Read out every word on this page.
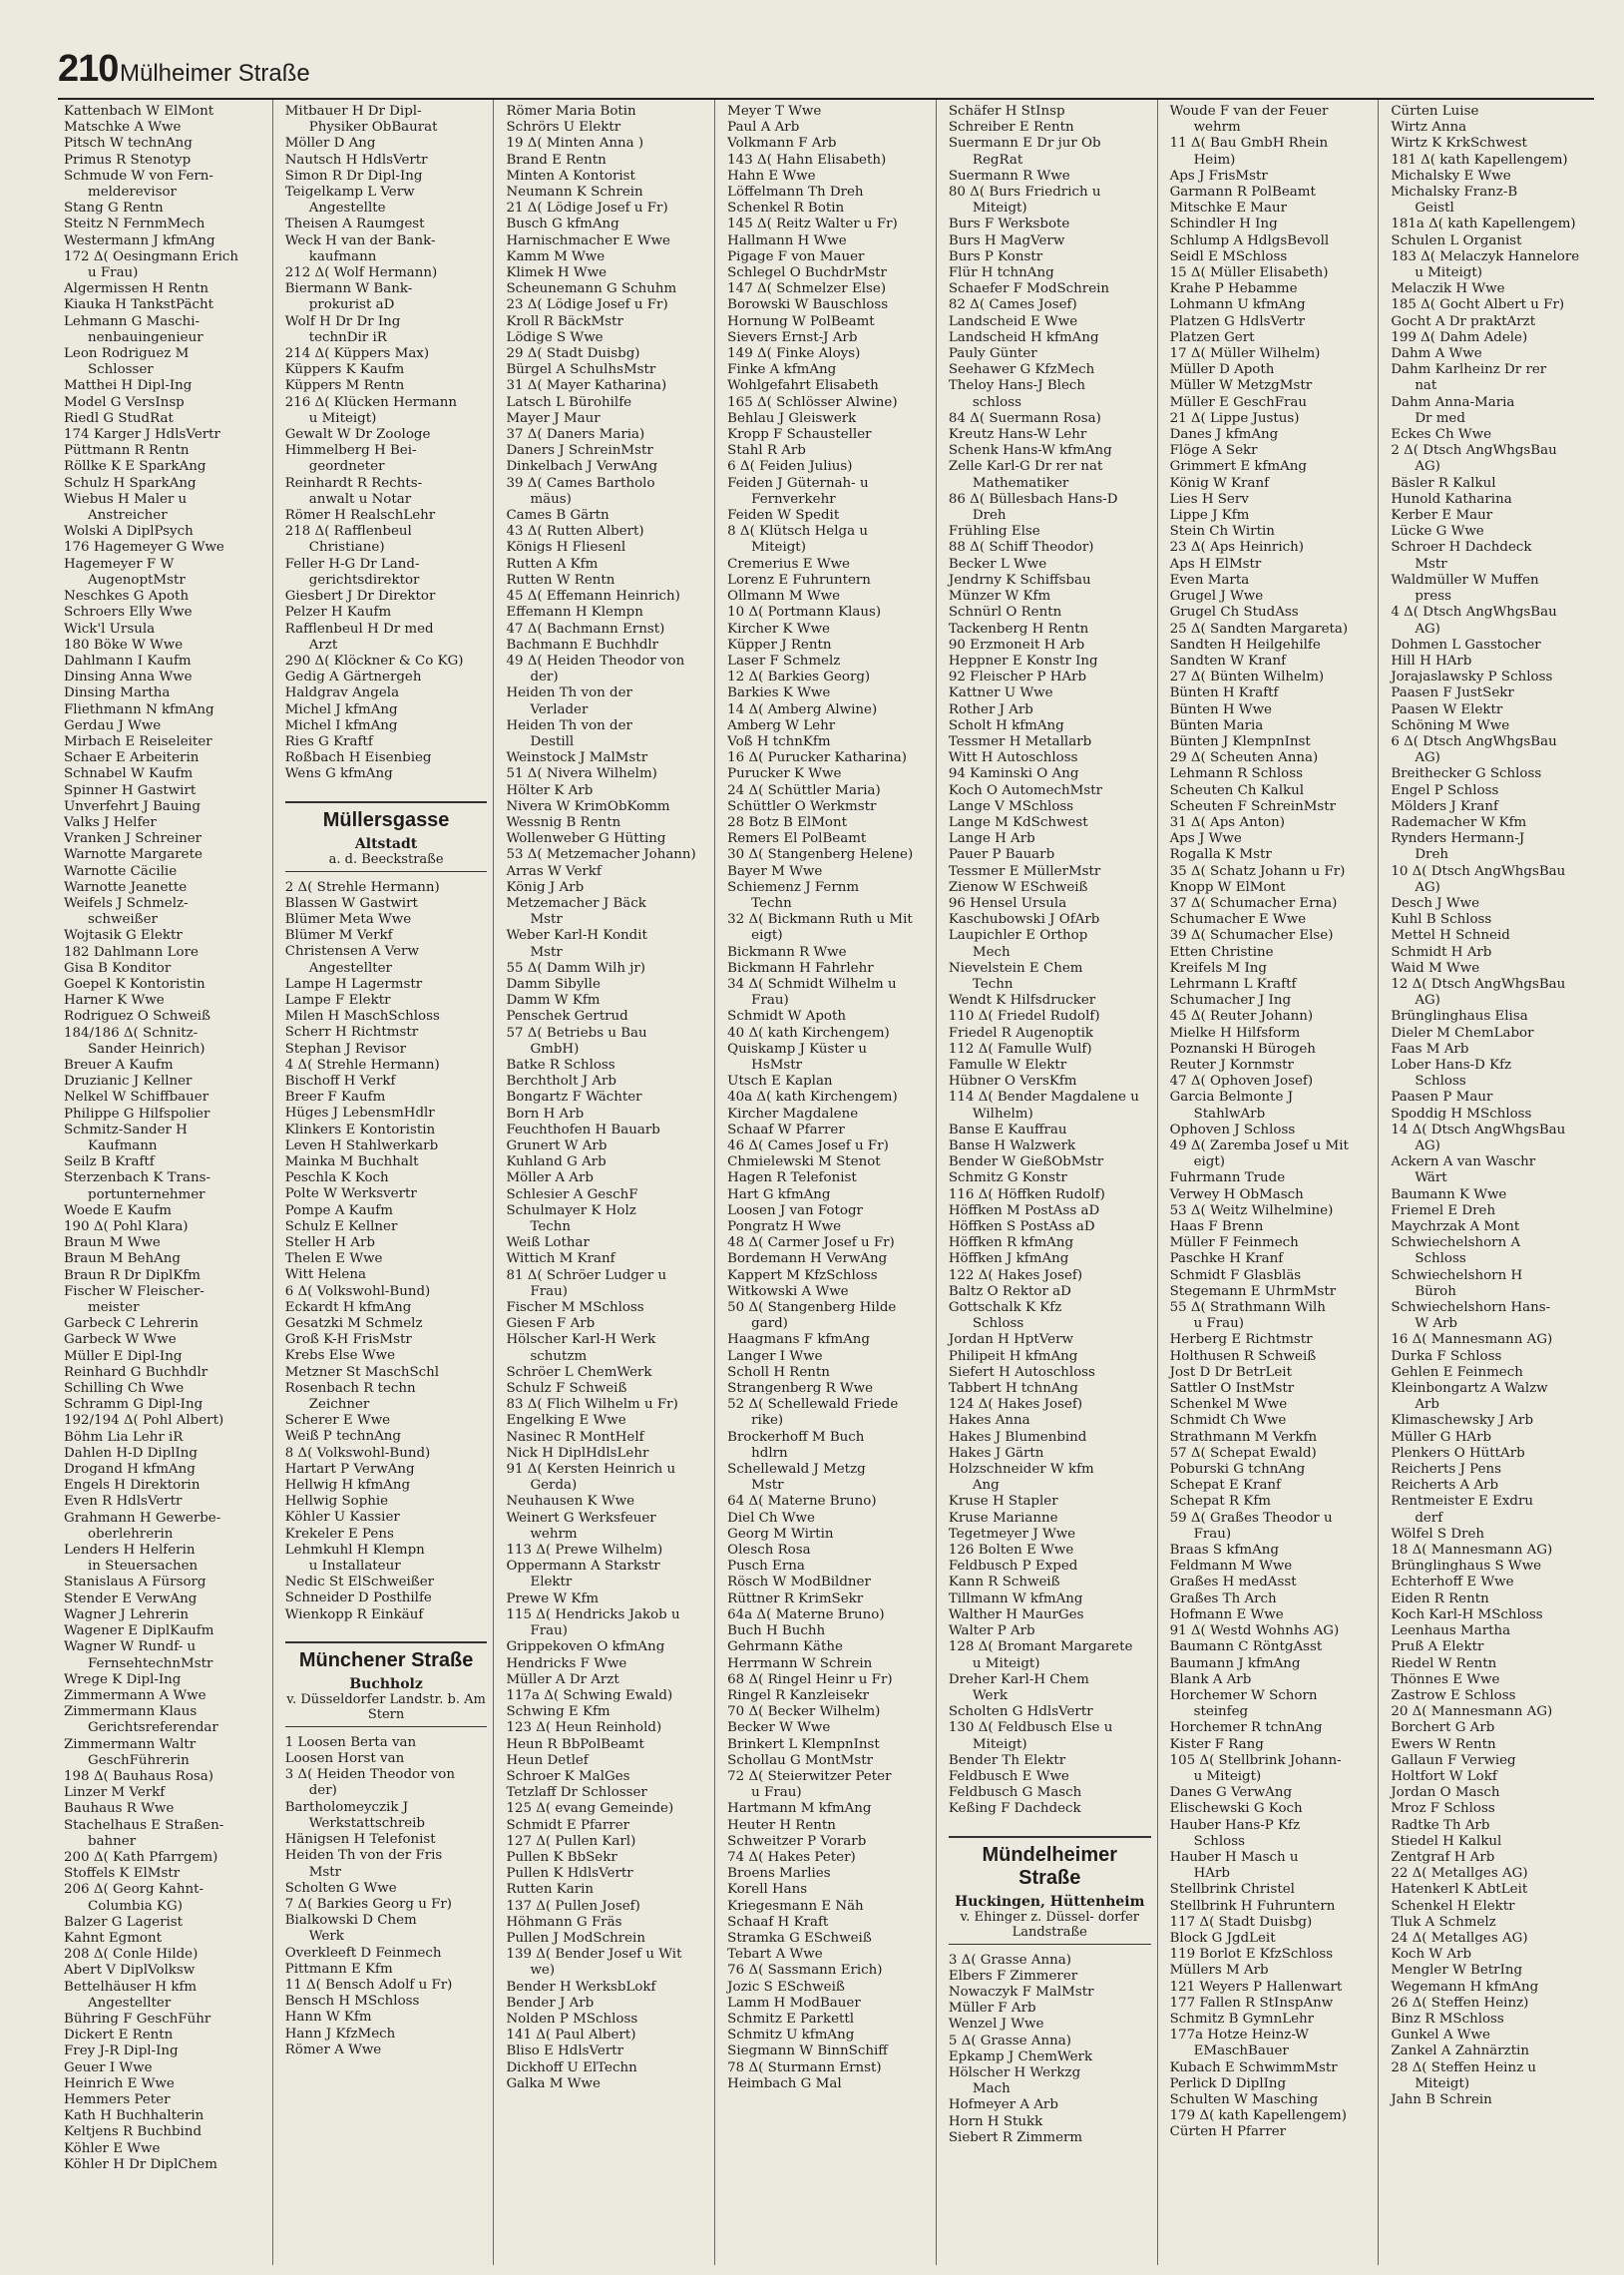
210 Mülheimer Straße
Kattenbach W ElMont
Matschke A Wwe
Pitsch W technAng
Primus R Stenotyp
Schmude W von Fern-
melderevisor
Stang G Rentn
Steitz N FernmMech
Westermann J kfmAng
172 Δ( Oesingmann Erich
u Frau)
Algermissen H Rentn
Kiauka H TankstPächt
Lehmann G Maschi-
nenbauingenieur
Leon Rodriguez M
Schlosser
Matthei H Dipl-Ing
Model G VersInsp
Riedl G StudRat
174 Karger J HdlsVertr
Püttmann R Rentn
Röllke K E SparkAng
Schulz H SparkAng
Wiebus H Maler u
Anstreicher
Wolski A DiplPsych
176 Hagemeyer G Wwe
Hagemeyer F W
AugenoptMstr
Neschkes G Apoth
Schroers Elly Wwe
Wick'l Ursula
180 Böke W Wwe
Dahlmann I Kaufm
Dinsing Anna Wwe
Dinsing Martha
Fliethmann N kfmAng
Gerdau J Wwe
Mirbach E Reiseleiter
Schaer E Arbeiterin
Schnabel W Kaufm
Spinner H Gastwirt
Unverfehrt J Bauing
Valks J Helfer
Vranken J Schreiner
Warnotte Margarete
Warnotte Cäcilie
Warnotte Jeanette
Weifels J Schmelz-
schweißer
Wojtasik G Elektr
182 Dahlmann Lore
Gisa B Konditor
Goepel K Kontoristin
Harner K Wwe
Rodriguez O Schweiß
184/186 Δ( Schnitz-
Sander Heinrich)
Breuer A Kaufm
Druzianic J Kellner
Nelkel W Schiffbauer
Philippe G Hilfspolier
Schmitz-Sander H
Kaufmann
Seilz B Kraftf
Sterzenbach K Trans-
portunternehmer
Woede E Kaufm
190 Δ( Pohl Klara)
Braun M Wwe
Braun M BehAng
Braun R Dr DiplKfm
Fischer W Fleischer-
meister
Garbeck C Lehrerin
Garbeck W Wwe
Müller E Dipl-Ing
Reinhard G Buchhdlr
Schilling Ch Wwe
Schramm G Dipl-Ing
192/194 Δ( Pohl Albert)
Böhm Lia Lehr iR
Dahlen H-D DiplIng
Drogand H kfmAng
Engels H Direktorin
Even R HdlsVertr
Grahmann H Gewerbe-
oberlehrerin
Lenders H Helferin
in Steuersachen
Stanislaus A Fürsorg
Stender E VerwAng
Wagner J Lehrerin
Wagener E DiplKaufm
Wagner W Rundf- u
FernsehtechnMstr
Wrege K Dipl-Ing
Zimmermann A Wwe
Zimmermann Klaus
Gerichtsreferendar
Zimmermann Waltr
GeschFührerin
198 Δ( Bauhaus Rosa)
Linzer M Verkf
Bauhaus R Wwe
Stachelhaus E Straßen-
bahner
200 Δ( Kath Pfarrgem)
Stoffels K ElMstr
206 Δ( Georg Kahnt-
Columbia KG)
Balzer G Lagerist
Kahnt Egmont
208 Δ( Conle Hilde)
Abert V DiplVolksw
Bettelhäuser H kfm
Angestellter
Bühring F GeschFühr
Dickert E Rentn
Frey J-R Dipl-Ing
Geuer I Wwe
Heinrich E Wwe
Hemmers Peter
Kath H Buchhalterin
Keltjens R Buchbind
Köhler E Wwe
Köhler H Dr DiplChem
Mitbauer H Dr Dipl-
Physiker ObBaurat
Möller D Ang
Nautsch H HdlsVertr
Simon R Dr Dipl-Ing
Teigelkamp L Verw
Angestellte
Theisen A Raumgest
Weck H van der Bank-
kaufmann
212 Δ( Wolf Hermann)
Biermann W Bank-
prokurist aD
Wolf H Dr Dr Ing
technDir iR
214 Δ( Küppers Max)
Küppers K Kaufm
Küppers M Rentn
216 Δ( Klücken Hermann
u Miteigt)
Gewalt W Dr Zoologe
Himmelberg H Bei-
geordneter
Reinhardt R Rechts-
anwalt u Notar
Römer H RealschLehr
218 Δ( Rafflenbeul
Christiane)
Feller H-G Dr Land-
gerichtsdirektor
Giesbert J Dr Direktor
Pelzer H Kaufm
Rafflenbeul H Dr med
Arzt
290 Δ( Klöckner & Co KG)
Gedig A Gärtnergeh
Haldgrav Angela
Michel J kfmAng
Michel I kfmAng
Ries G Kraftf
Roßbach H Eisenbieg
Wens G kfmAng
Müllersgasse
Altstadt
a. d. Beeckstraße
2 Δ( Strehle Hermann)
Blassen W Gastwirt
Blümer Meta Wwe
Blümer M Verkf
Christensen A Verw
Angestellter
Lampe H Lagermstr
Lampe F Elektr
Milen H MaschSchloss
Scherr H Richtmstr
Stephan J Revisor
4 Δ( Strehle Hermann)
Bischoff H Verkf
Breer F Kaufm
Hüges J LebensmHdlr
Klinkers E Kontoristin
Leven H Stahlwerkarb
Mainka M Buchhalt
Peschla K Koch
Polte W Werksvertr
Pompe A Kaufm
Schulz E Kellner
Steller H Arb
Thelen E Wwe
Witt Helena
6 Δ( Volkswohl-Bund)
Eckardt H kfmAng
Gesatzki M Schmelz
Groß K-H FrisMstr
Krebs Else Wwe
Metzner St MaschSchl
Rosenbach R techn
Zeichner
Scherer E Wwe
Weiß P technAng
8 Δ( Volkswohl-Bund)
Hartart P VerwAng
Hellwig H kfmAng
Hellwig Sophie
Köhler U Kassier
Krekeler E Pens
Lehmkuhl H Klempn
u Installateur
Nedic St ElSchweißer
Schneider D Posthilfe
Wienkopp R Einkäuf
Münchener Straße
Buchholz
v. Düsseldorfer Landstr. b. Am Stern
1 Loosen Berta van
Loosen Horst van
3 Δ( Heiden Theodor von
der)
Bartholomeyczik J
Werkstattschreib
Hänigsen H Telefonist
Heiden Th von der Fris
Mstr
Scholten G Wwe
7 Δ( Barkies Georg u Fr)
Bialkowski D Chem
Werk
Overkleeft D Feinmech
Pittmann E Kfm
11 Δ( Bensch Adolf u Fr)
Bensch H MSchloss
Hann W Kfm
Hann J KfzMech
Römer A Wwe
Römer Maria Botin
Schrörs U Elektr
19 Δ( Minten Anna )
Brand E Rentn
Minten A Kontorist
Neumann K Schrein
21 Δ( Lödige Josef u Fr)
Busch G kfmAng
Harnischmacher E Wwe
Kamm M Wwe
Klimek H Wwe
Scheunemann G Schuhm
23 Δ( Lödige Josef u Fr)
Kroll R BäckMstr
Lödige S Wwe
29 Δ( Stadt Duisbg)
Bürgel A SchulhsMstr
31 Δ( Mayer Katharina)
Latsch L Bürohilfe
Mayer J Maur
37 Δ( Daners Maria)
Daners J SchreinMstr
Dinkelbach J VerwAng
39 Δ( Cames Bartholo
mäus)
Cames B Gärtn
43 Δ( Rutten Albert)
Königs H Fliesenl
Rutten A Kfm
Rutten W Rentn
45 Δ( Effemann Heinrich)
Effemann H Klempn
47 Δ( Bachmann Ernst)
Bachmann E Buchhdlr
49 Δ( Heiden Theodor von
der)
Heiden Th von der
Verlader
Heiden Th von der
Destill
Weinstock J MalMstr
51 Δ( Nivera Wilhelm)
Hölter K Arb
Nivera W KrimObKomm
Wessnig B Rentn
Wollenweber G Hütting
53 Δ( Metzemacher Johann)
Arras W Verkf
König J Arb
Metzemacher J Bäck
Mstr
Weber Karl-H Kondit
Mstr
55 Δ( Damm Wilh jr)
Damm Sibylle
Damm W Kfm
Penschek Gertrud
57 Δ( Betriebs u Bau
GmbH)
Batke R Schloss
Berchtholt J Arb
Bongartz F Wächter
Born H Arb
Feuchthofen H Bauarb
Grunert W Arb
Kuhland G Arb
Möller A Arb
Schlesier A GeschF
Schulmayer K Holz
Techn
Weiß Lothar
Wittich M Kranf
81 Δ( Schröer Ludger u
Frau)
Fischer M MSchloss
Giesen F Arb
Hölscher Karl-H Werk
schutzm
Schröer L ChemWerk
Schulz F Schweiß
83 Δ( Flich Wilhelm u Fr)
Engelking E Wwe
Nasinec R MontHelf
Nick H DiplHdlsLehr
91 Δ( Kersten Heinrich u
Gerda)
Neuhausen K Wwe
Weinert G Werksfeuer
wehrm
113 Δ( Prewe Wilhelm)
Oppermann A Starkstr
Elektr
Prewe W Kfm
115 Δ( Hendricks Jakob u
Frau)
Grippekoven O kfmAng
Hendricks F Wwe
Müller A Dr Arzt
117a Δ( Schwing Ewald)
Schwing E Kfm
123 Δ( Heun Reinhold)
Heun R BbPolBeamt
Heun Detlef
Schroer K MalGes
Tetzlaff Dr Schlosser
125 Δ( evang Gemeinde)
Schmidt E Pfarrer
127 Δ( Pullen Karl)
Pullen K BbSekr
Pullen K HdlsVertr
Rutten Karin
137 Δ( Pullen Josef)
Höhmann G Fräs
Pullen J ModSchrein
139 Δ( Bender Josef u Wit
we)
Bender H WerksbLokf
Bender J Arb
Nolden P MSchloss
141 Δ( Paul Albert)
Bliso E HdlsVertr
Dickhoff U ElTechn
Galka M Wwe
Meyer T Wwe
Paul A Arb
Volkmann F Arb
143 Δ( Hahn Elisabeth)
Hahn E Wwe
Löffelmann Th Dreh
Schenkel R Botin
145 Δ( Reitz Walter u Fr)
Hallmann H Wwe
Pigage F von Mauer
Schlegel O BuchdrMstr
147 Δ( Schmelzer Else)
Borowski W Bauschloss
Hornung W PolBeamt
Sievers Ernst-J Arb
149 Δ( Finke Aloys)
Finke A kfmAng
Wohlgefahrt Elisabeth
165 Δ( Schlösser Alwine)
Behlau J Gleiswerk
Kropp F Schausteller
Stahl R Arb
6 Δ( Feiden Julius)
Feiden J Güternah- u
Fernverkehr
Feiden W Spedit
8 Δ( Klütsch Helga u
Miteigt)
Cremerius E Wwe
Lorenz E Fuhruntern
Ollmann M Wwe
10 Δ( Portmann Klaus)
Kircher K Wwe
Küpper J Rentn
Laser F Schmelz
12 Δ( Barkies Georg)
Barkies K Wwe
14 Δ( Amberg Alwine)
Amberg W Lehr
Voß H tchnKfm
16 Δ( Purucker Katharina)
Purucker K Wwe
24 Δ( Schüttler Maria)
Schüttler O Werkmstr
28 Botz B ElMont
Remers El PolBeamt
30 Δ( Stangenberg Helene)
Bayer M Wwe
Schiemenz J Fernm
Techn
32 Δ( Bickmann Ruth u Mit
eigt)
Bickmann R Wwe
Bickmann H Fahrlehr
34 Δ( Schmidt Wilhelm u
Frau)
Schmidt W Apoth
40 Δ( kath Kirchengem)
Quiskamp J Küster u
HsMstr
Utsch E Kaplan
40a Δ( kath Kirchengem)
Kircher Magdalene
Schaaf W Pfarrer
46 Δ( Cames Josef u Fr)
Chmielewski M Stenot
Hagen R Telefonist
Hart G kfmAng
Loosen J van Fotogr
Pongratz H Wwe
48 Δ( Carmer Josef u Fr)
Bordemann H VerwAng
Kappert M KfzSchloss
Witkowski A Wwe
50 Δ( Stangenberg Hilde
gard)
Haagmans F kfmAng
Langer I Wwe
Scholl H Rentn
Strangenberg R Wwe
52 Δ( Schellewald Friede
rike)
Brockerhoff M Buch
hdlrn
Schellewald J Metzg
Mstr
64 Δ( Materne Bruno)
Diel Ch Wwe
Georg M Wirtin
Olesch Rosa
Pusch Erna
Rösch W ModBildner
Rüttner R KrimSekr
64a Δ( Materne Bruno)
Buch H Buchh
Gehrmann Käthe
Herrmann W Schrein
68 Δ( Ringel Heinr u Fr)
Ringel R Kanzleisekr
70 Δ( Becker Wilhelm)
Becker W Wwe
Brinkert L KlempnInst
Schollau G MontMstr
72 Δ( Steierwitzer Peter
u Frau)
Hartmann M kfmAng
Heuter H Rentn
Schweitzer P Vorarb
74 Δ( Hakes Peter)
Broens Marlies
Korell Hans
Kriegesmann E Näh
Schaaf H Kraft
Stramka G ESchweiß
Tebart A Wwe
76 Δ( Sassmann Erich)
Jozic S ESchweiß
Lamm H ModBauer
Schmitz E Parkettl
Schmitz U kfmAng
Siegmann W BinnSchiff
78 Δ( Sturmann Ernst)
Heimbach G Mal
Schäfer H StInsp
Schreiber E Rentn
Suermann E Dr jur Ob
RegRat
Suermann R Wwe
80 Δ( Burs Friedrich u
Miteigt)
Burs F Werksbote
Burs H MagVerw
Burs P Konstr
Flür H tchnAng
Schaefer F ModSchrein
82 Δ( Cames Josef)
Landscheid E Wwe
Landscheid H kfmAng
Pauly Günter
Seehawer G KfzMech
Theloy Hans-J Blech
schloss
84 Δ( Suermann Rosa)
Kreutz Hans-W Lehr
Schenk Hans-W kfmAng
Zelle Karl-G Dr rer nat
Mathematiker
86 Δ( Büllesbach Hans-D
Dreh
Frühling Else
88 Δ( Schiff Theodor)
Becker L Wwe
Jendrny K Schiffsbau
Münzer W Kfm
Schnürl O Rentn
Tackenberg H Rentn
90 Erzmoneit H Arb
Heppner E Konstr Ing
92 Fleischer P HArb
Kattner U Wwe
Rother J Arb
Scholt H kfmAng
Tessmer H Metallarb
Witt H Autoschloss
94 Kaminski O Ang
Koch O AutomechMstr
Lange V MSchloss
Lange M KdSchwest
Lange H Arb
Pauer P Bauarb
Tessmer E MüllerMstr
Zienow W ESchweiß
96 Hensel Ursula
Kaschubowski J OfArb
Laupichler E Orthop
Mech
Nievelstein E Chem
Techn
Wendt K Hilfsdrucker
110 Δ( Friedel Rudolf)
Friedel R Augenoptik
112 Δ( Famulle Wulf)
Famulle W Elektr
Hübner O VersKfm
114 Δ( Bender Magdalene u
Wilhelm)
Banse E Kauffrau
Banse H Walzwerk
Bender W GießObMstr
Schmitz G Konstr
116 Δ( Höffken Rudolf)
Höffken M PostAss aD
Höffken S PostAss aD
Höffken R kfmAng
Höffken J kfmAng
122 Δ( Hakes Josef)
Baltz O Rektor aD
Gottschalk K Kfz
Schloss
Jordan H HptVerw
Philipeit H kfmAng
Siefert H Autoschloss
Tabbert H tchnAng
124 Δ( Hakes Josef)
Hakes Anna
Hakes J Blumenbind
Hakes J Gärtn
Holzschneider W kfm
Ang
Kruse H Stapler
Kruse Marianne
Tegetmeyer J Wwe
126 Bolten E Wwe
Feldbusch P Exped
Kann R Schweiß
Tillmann W kfmAng
Walther H MaurGes
Walter P Arb
128 Δ( Bromant Margarete
u Miteigt)
Dreher Karl-H Chem
Werk
Scholten G HdlsVertr
130 Δ( Feldbusch Else u
Miteigt)
Bender Th Elektr
Feldbusch E Wwe
Feldbusch G Masch
Keßing F Dachdeck
Mündelheimer Straße
Huckingen, Hüttenheim
v. Ehinger z. Düssel- dorfer Landstraße
3 Δ( Grasse Anna)
Elbers F Zimmerer
Nowaczyk F MalMstr
Müller F Arb
Wenzel J Wwe
5 Δ( Grasse Anna)
Epkamp J ChemWerk
Hölscher H Werkzg
Mach
Hofmeyer A Arb
Horn H Stukk
Siebert R Zimmerm
Woude F van der Feuer
wehrm
11 Δ( Bau GmbH Rhein
Heim)
Aps J FrisMstr
Garmann R PolBeamt
Mitschke E Maur
Schindler H Ing
Schlump A HdlgsBevoll
Seidl E MSchloss
15 Δ( Müller Elisabeth)
Krahe P Hebamme
Lohmann U kfmAng
Platzen G HdlsVertr
Platzen Gert
17 Δ( Müller Wilhelm)
Müller D Apoth
Müller W MetzgMstr
Müller E GeschFrau
21 Δ( Lippe Justus)
Danes J kfmAng
Flöge A Sekr
Grimmert E kfmAng
König W Kranf
Lies H Serv
Lippe J Kfm
Stein Ch Wirtin
23 Δ( Aps Heinrich)
Aps H ElMstr
Even Marta
Grugel J Wwe
Grugel Ch StudAss
25 Δ( Sandten Margareta)
Sandten H Heilgehilfe
Sandten W Kranf
27 Δ( Bünten Wilhelm)
Bünten H Kraftf
Bünten H Wwe
Bünten Maria
Bünten J KlempnInst
29 Δ( Scheuten Anna)
Lehmann R Schloss
Scheuten Ch Kalkul
Scheuten F SchreinMstr
31 Δ( Aps Anton)
Aps J Wwe
Rogalla K Mstr
35 Δ( Schatz Johann u Fr)
Knopp W ElMont
37 Δ( Schumacher Erna)
Schumacher E Wwe
39 Δ( Schumacher Else)
Etten Christine
Kreifels M Ing
Lehrmann L Kraftf
Schumacher J Ing
45 Δ( Reuter Johann)
Mielke H Hilfsform
Poznanski H Bürogeh
Reuter J Kornmstr
47 Δ( Ophoven Josef)
Garcia Belmonte J
StahlwArb
Ophoven J Schloss
49 Δ( Zaremba Josef u Mit
eigt)
Fuhrmann Trude
Verwey H ObMasch
53 Δ( Weitz Wilhelmine)
Haas F Brenn
Müller F Feinmech
Paschke H Kranf
Schmidt F Glasbläs
Stegemann E UhrmMstr
55 Δ( Strathmann Wilh
u Frau)
Herberg E Richtmstr
Holthusen R Schweiß
Jost D Dr BetrLeit
Sattler O InstMstr
Schenkel M Wwe
Schmidt Ch Wwe
Strathmann M Verkfn
57 Δ( Schepat Ewald)
Poburski G tchnAng
Schepat E Kranf
Schepat R Kfm
59 Δ( Graßes Theodor u
Frau)
Braas S kfmAng
Feldmann M Wwe
Graßes H medAsst
Graßes Th Arch
Hofmann E Wwe
91 Δ( Westd Wohnhs AG)
Baumann C RöntgAsst
Baumann J kfmAng
Blank A Arb
Horchemer W Schorn
steinfeg
Horchemer R tchnAng
Kister F Rang
105 Δ( Stellbrink Johann-
u Miteigt)
Danes G VerwAng
Elischewski G Koch
Hauber Hans-P Kfz
Schloss
Hauber H Masch u
HArb
Stellbrink Christel
Stellbrink H Fuhruntern
117 Δ( Stadt Duisbg)
Block G JgdLeit
119 Borlot E KfzSchloss
Müllers M Arb
121 Weyers P Hallenwart
177 Fallen R StInspAnw
Schmitz B GymnLehr
177a Hotze Heinz-W
EMaschBauer
Kubach E SchwimmMstr
Perlick D DiplIng
Schulten W Masching
179 Δ( kath Kapellengem)
Cürten H Pfarrer
Cürten Luise
Wirtz Anna
Wirtz K KrkSchwest
181 Δ( kath Kapellengem)
Michalsky E Wwe
Michalsky Franz-B
Geistl
181a Δ( kath Kapellengem)
Schulen L Organist
183 Δ( Melaczyk Hannelore
u Miteigt)
Melaczik H Wwe
185 Δ( Gocht Albert u Fr)
Gocht A Dr praktArzt
199 Δ( Dahm Adele)
Dahm A Wwe
Dahm Karlheinz Dr rer
nat
Dahm Anna-Maria
Dr med
Eckes Ch Wwe
2 Δ( Dtsch AngWhgsBau
AG)
Bäsler R Kalkul
Hunold Katharina
Kerber E Maur
Lücke G Wwe
Schroer H Dachdeck
Mstr
Waldmüller W Muffen
press
4 Δ( Dtsch AngWhgsBau
AG)
Dohmen L Gasstocher
Hill H HArb
Jorajaslawsky P Schloss
Paasen F JustSekr
Paasen W Elektr
Schöning M Wwe
6 Δ( Dtsch AngWhgsBau
AG)
Breithecker G Schloss
Engel P Schloss
Mölders J Kranf
Rademacher W Kfm
Rynders Hermann-J
Dreh
10 Δ( Dtsch AngWhgsBau
AG)
Desch J Wwe
Kuhl B Schloss
Mettel H Schneid
Schmidt H Arb
Waid M Wwe
12 Δ( Dtsch AngWhgsBau
AG)
Brünglinghaus Elisa
Dieler M ChemLabor
Faas M Arb
Lober Hans-D Kfz
Schloss
Paasen P Maur
Spoddig H MSchloss
14 Δ( Dtsch AngWhgsBau
AG)
Ackern A van Waschr
Wärt
Baumann K Wwe
Friemel E Dreh
Maychrzak A Mont
Schwiechelshorn A
Schloss
Schwiechelshorn H
Büroh
Schwiechelshorn Hans-
W Arb
16 Δ( Mannesmann AG)
Durka F Schloss
Gehlen E Feinmech
Kleinbongartz A Walzw
Arb
Klimaschewsky J Arb
Müller G HArb
Plenkers O HüttArb
Reicherts J Pens
Reicherts A Arb
Rentmeister E Exdru
derf
Wölfel S Dreh
18 Δ( Mannesmann AG)
Brünglinghaus S Wwe
Echterhoff E Wwe
Eiden R Rentn
Koch Karl-H MSchloss
Leenhaus Martha
Pruß A Elektr
Riedel W Rentn
Thönnes E Wwe
Zastrow E Schloss
20 Δ( Mannesmann AG)
Borchert G Arb
Ewers W Rentn
Gallaun F Verwieg
Holtfort W Lokf
Jordan O Masch
Mroz F Schloss
Radtke Th Arb
Stiedel H Kalkul
Zentgraf H Arb
22 Δ( Metallges AG)
Hatenkerl K AbtLeit
Schenkel H Elektr
Tluk A Schmelz
24 Δ( Metallges AG)
Koch W Arb
Mengler W BetrIng
Wegemann H kfmAng
26 Δ( Steffen Heinz)
Binz R MSchloss
Gunkel A Wwe
Zankel A Zahnärztin
28 Δ( Steffen Heinz u
Miteigt)
Jahn B Schrein
